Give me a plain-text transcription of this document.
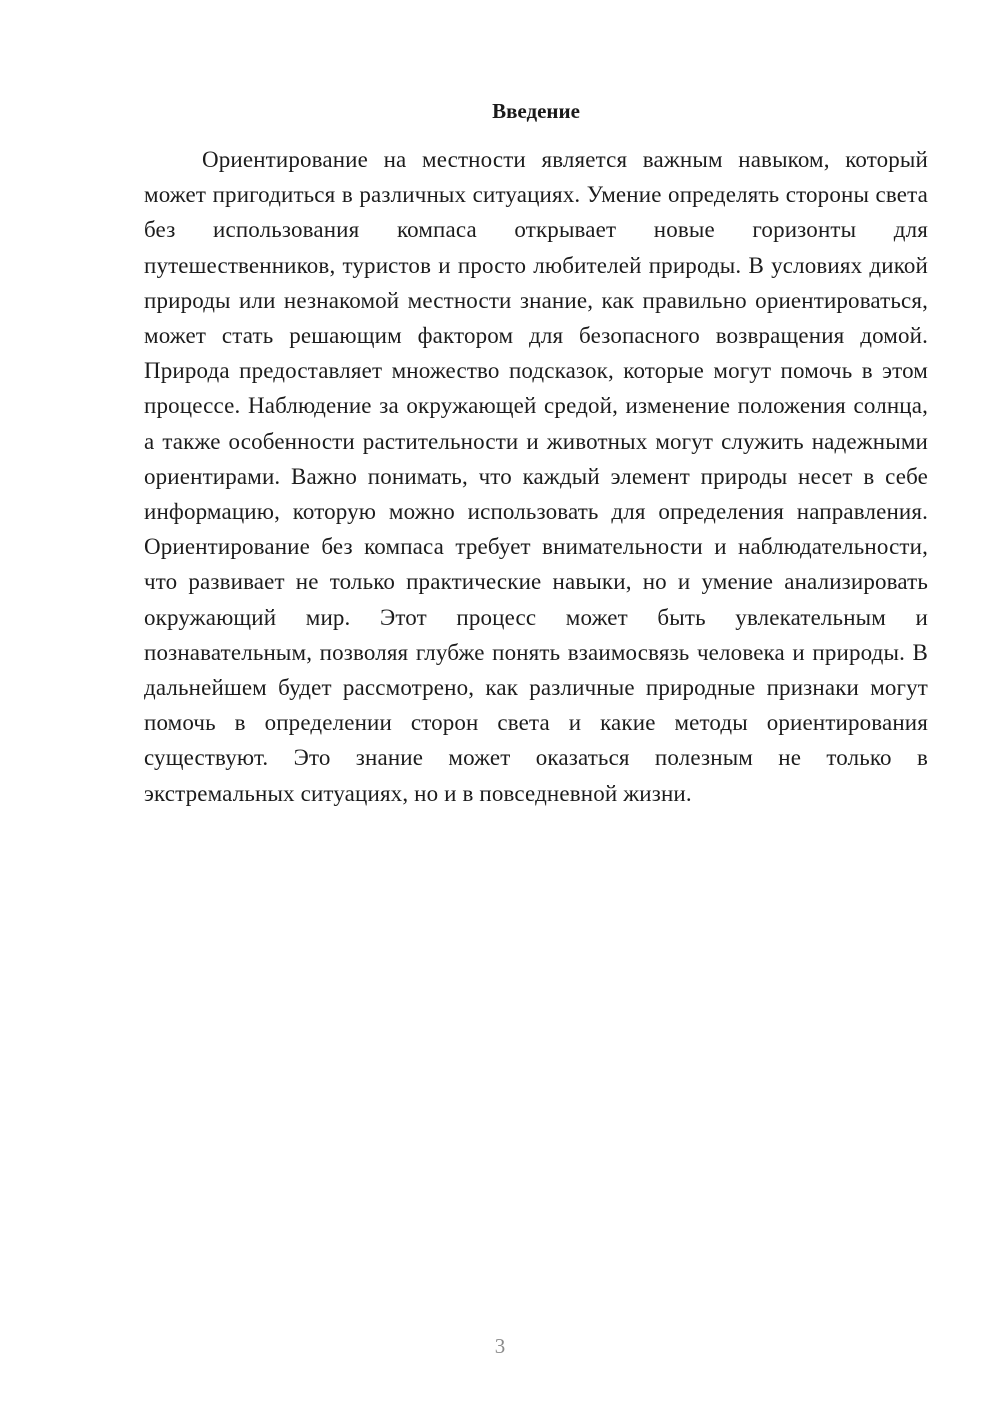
Введение

Ориентирование на местности является важным навыком, который может пригодиться в различных ситуациях. Умение определять стороны света без использования компаса открывает новые горизонты для путешественников, туристов и просто любителей природы. В условиях дикой природы или незнакомой местности знание, как правильно ориентироваться, может стать решающим фактором для безопасного возвращения домой. Природа предоставляет множество подсказок, которые могут помочь в этом процессе. Наблюдение за окружающей средой, изменение положения солнца, а также особенности растительности и животных могут служить надежными ориентирами. Важно понимать, что каждый элемент природы несет в себе информацию, которую можно использовать для определения направления. Ориентирование без компаса требует внимательности и наблюдательности, что развивает не только практические навыки, но и умение анализировать окружающий мир. Этот процесс может быть увлекательным и познавательным, позволяя глубже понять взаимосвязь человека и природы. В дальнейшем будет рассмотрено, как различные природные признаки могут помочь в определении сторон света и какие методы ориентирования существуют. Это знание может оказаться полезным не только в экстремальных ситуациях, но и в повседневной жизни.

3
